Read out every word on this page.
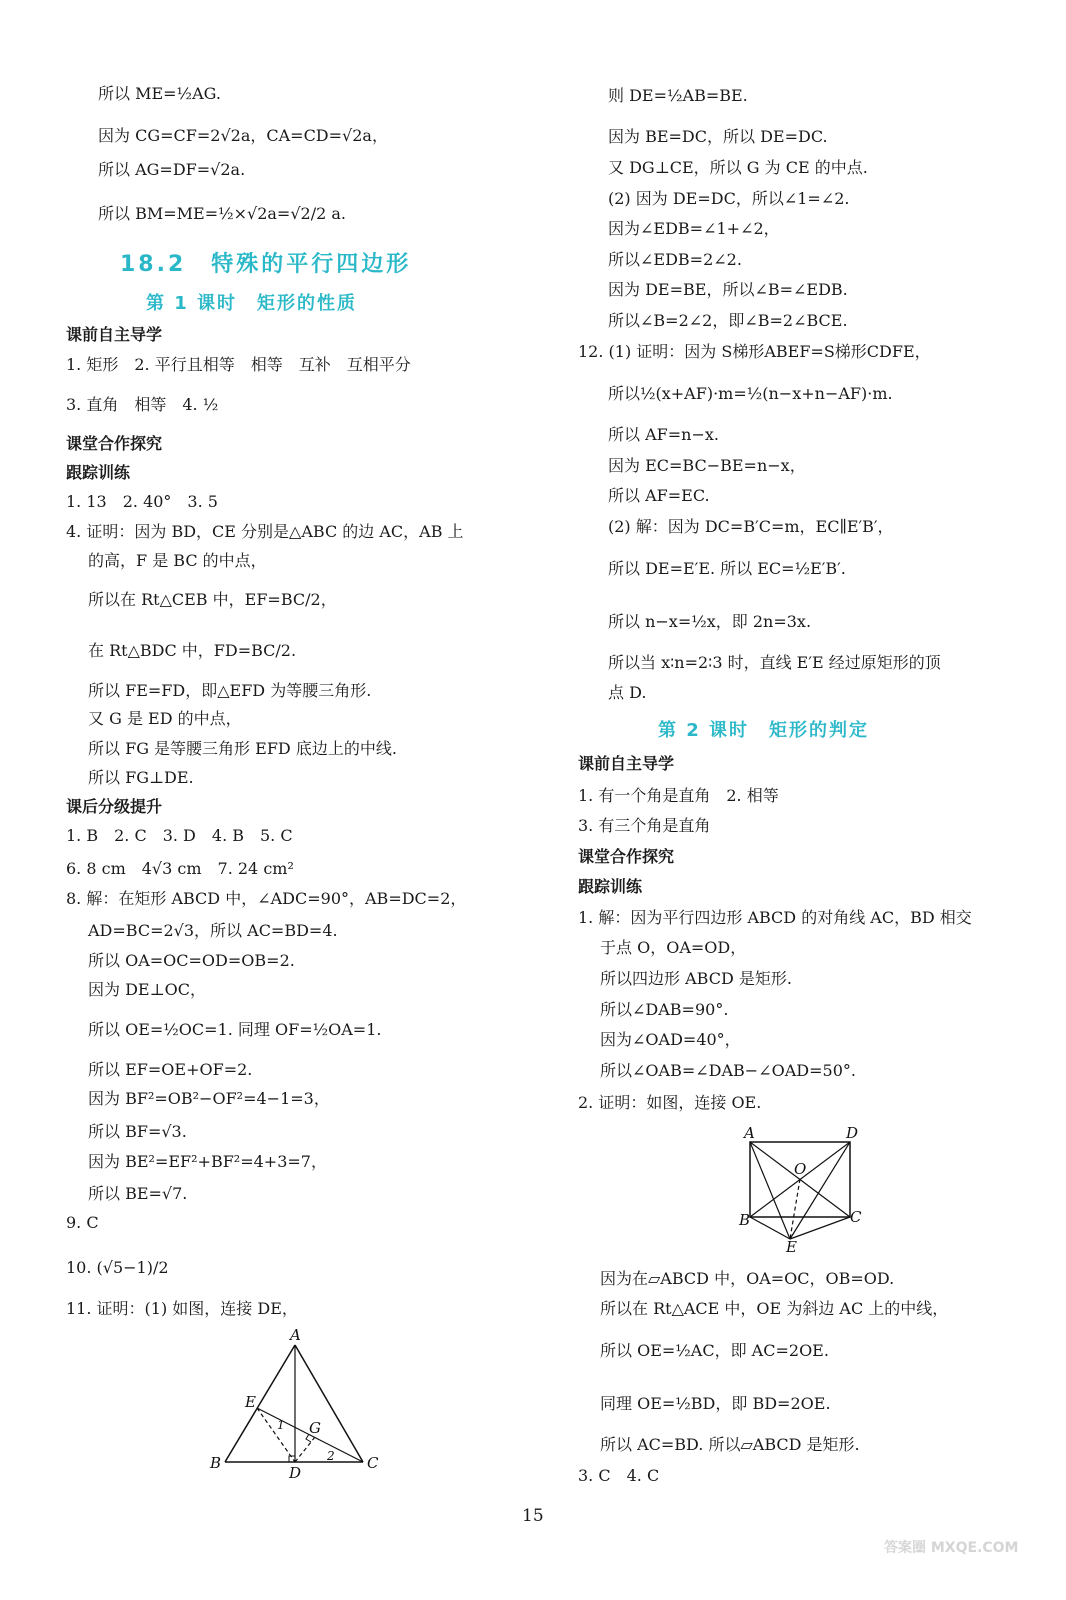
18.2　特殊的平行四边形
第 1 课时　矩形的性质
第 2 课时　矩形的判定
所以 ME=½AG.
因为 CG=CF=2√2a，CA=CD=√2a，
所以 AG=DF=√2a.
所以 BM=ME=½×√2a=√2/2 a.
课前自主导学
1. 矩形　2. 平行且相等　相等　互补　互相平分
3. 直角　相等　4. ½
课堂合作探究
跟踪训练
1. 13　2. 40°　3. 5
4. 证明：因为 BD，CE 分别是△ABC 的边 AC，AB 上
的高，F 是 BC 的中点，
所以在 Rt△CEB 中，EF=BC/2，
在 Rt△BDC 中，FD=BC/2.
所以 FE=FD，即△EFD 为等腰三角形.
又 G 是 ED 的中点，
所以 FG 是等腰三角形 EFD 底边上的中线.
所以 FG⊥DE.
课后分级提升
1. B　2. C　3. D　4. B　5. C
6. 8 cm　4√3 cm　7. 24 cm²
8. 解：在矩形 ABCD 中，∠ADC=90°，AB=DC=2，
AD=BC=2√3，所以 AC=BD=4.
所以 OA=OC=OD=OB=2.
因为 DE⊥OC，
所以 OE=½OC=1. 同理 OF=½OA=1.
所以 EF=OE+OF=2.
因为 BF²=OB²−OF²=4−1=3，
所以 BF=√3.
因为 BE²=EF²+BF²=4+3=7，
所以 BE=√7.
9. C
10. (√5−1)/2
11. 证明：(1) 如图，连接 DE，
则 DE=½AB=BE.
因为 BE=DC，所以 DE=DC.
又 DG⊥CE，所以 G 为 CE 的中点.
(2) 因为 DE=DC，所以∠1=∠2.
因为∠EDB=∠1+∠2，
所以∠EDB=2∠2.
因为 DE=BE，所以∠B=∠EDB.
所以∠B=2∠2，即∠B=2∠BCE.
12. (1) 证明：因为 S梯形ABEF=S梯形CDFE，
所以½(x+AF)·m=½(n−x+n−AF)·m.
所以 AF=n−x.
因为 EC=BC−BE=n−x，
所以 AF=EC.
(2) 解：因为 DC=B′C=m，EC∥E′B′，
所以 DE=E′E. 所以 EC=½E′B′.
所以 n−x=½x，即 2n=3x.
所以当 x∶n=2∶3 时，直线 E′E 经过原矩形的顶
点 D.
课前自主导学
1. 有一个角是直角　2. 相等
3. 有三个角是直角
课堂合作探究
跟踪训练
1. 解：因为平行四边形 ABCD 的对角线 AC，BD 相交
于点 O，OA=OD，
所以四边形 ABCD 是矩形.
所以∠DAB=90°.
因为∠OAD=40°，
所以∠OAB=∠DAB−∠OAD=50°.
2. 证明：如图，连接 OE.
因为在▱ABCD 中，OA=OC，OB=OD.
所以在 Rt△ACE 中，OE 为斜边 AC 上的中线，
所以 OE=½AC，即 AC=2OE.
同理 OE=½BD，即 BD=2OE.
所以 AC=BD. 所以▱ABCD 是矩形.
3. C　4. C
A
B	C
D
E
G
1
2
A	D
B	C
E
O
15
答案圈 MXQE.COM
